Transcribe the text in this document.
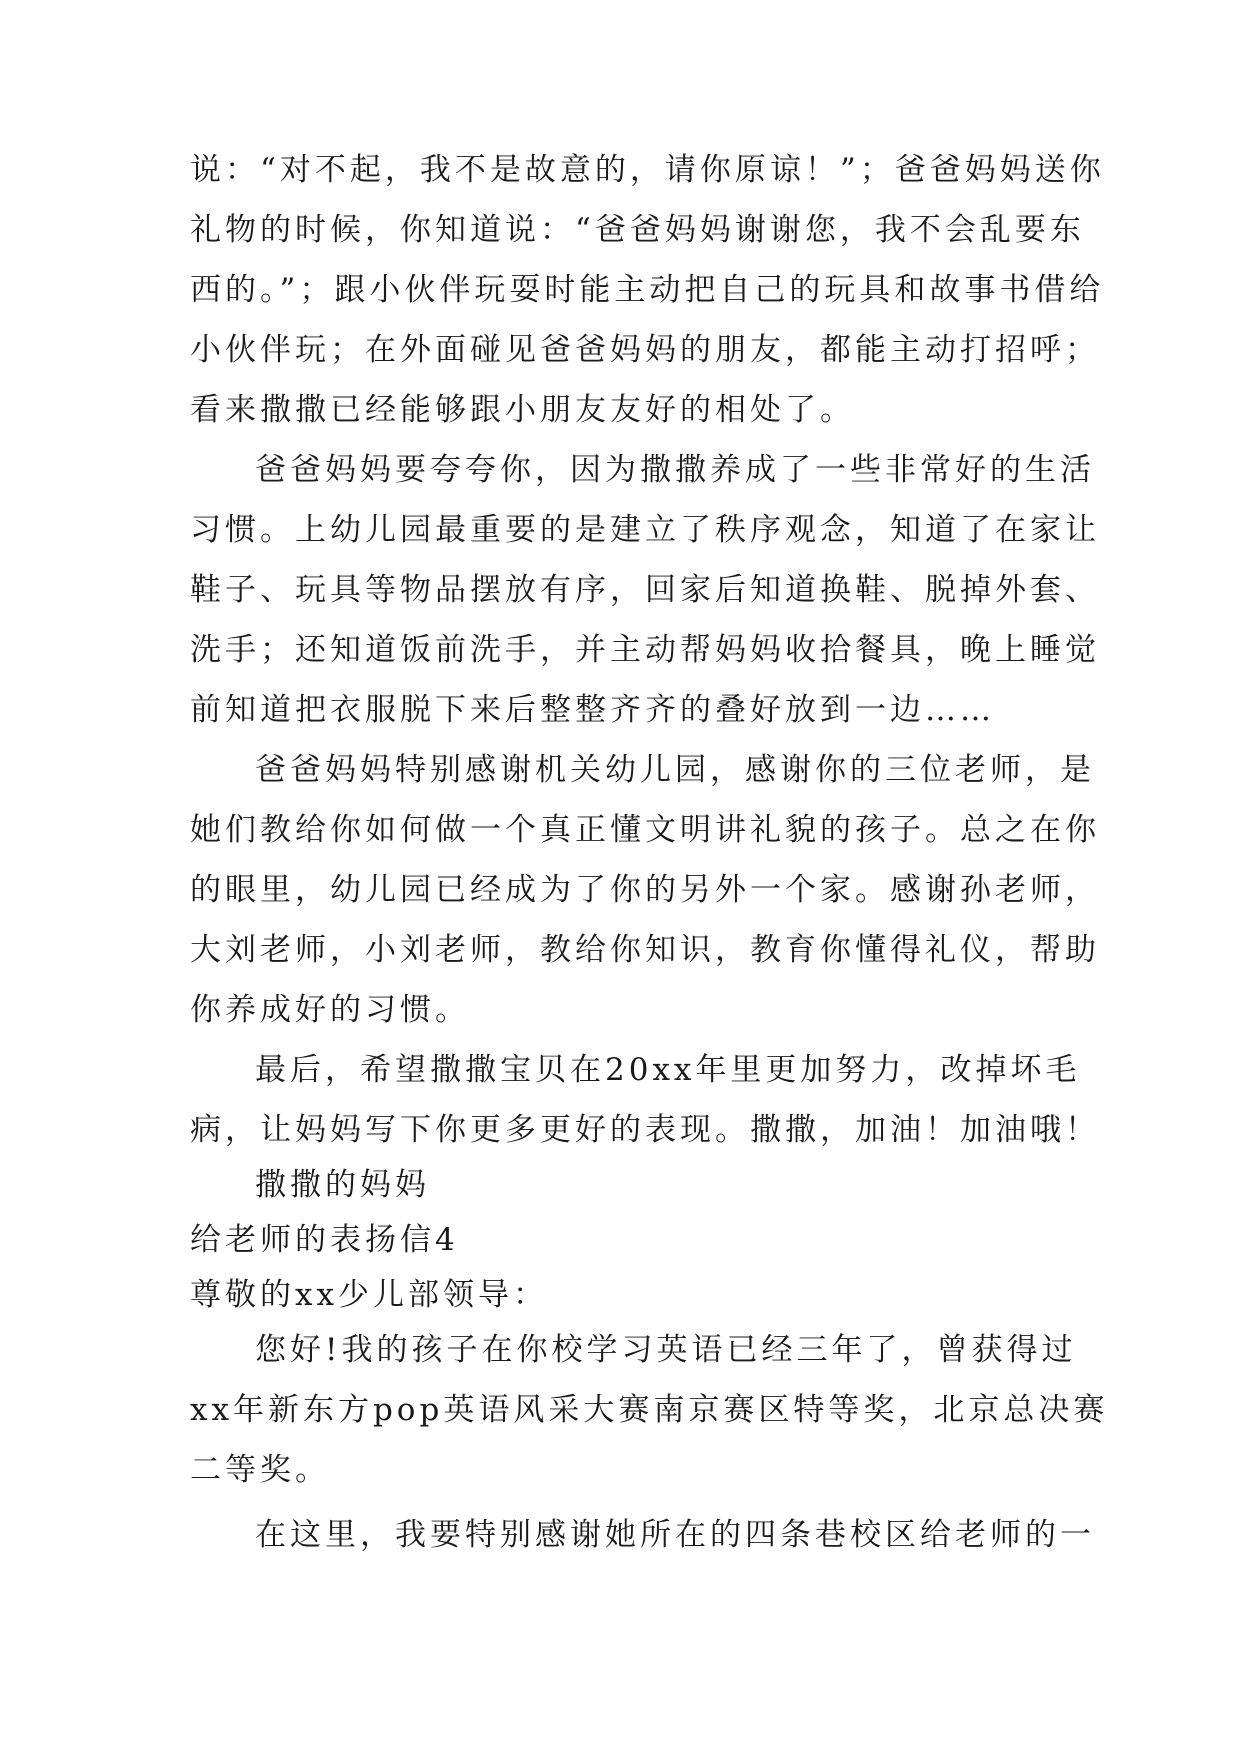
说：“对不起，我不是故意的，请你原谅！”；爸爸妈妈送你
礼物的时候，你知道说：“爸爸妈妈谢谢您，我不会乱要东
西的。”；跟小伙伴玩耍时能主动把自己的玩具和故事书借给
小伙伴玩；在外面碰见爸爸妈妈的朋友，都能主动打招呼；
看来撒撒已经能够跟小朋友友好的相处了。
爸爸妈妈要夸夸你，因为撒撒养成了一些非常好的生活
习惯。上幼儿园最重要的是建立了秩序观念，知道了在家让
鞋子、玩具等物品摆放有序，回家后知道换鞋、脱掉外套、
洗手；还知道饭前洗手，并主动帮妈妈收拾餐具，晚上睡觉
前知道把衣服脱下来后整整齐齐的叠好放到一边……
爸爸妈妈特别感谢机关幼儿园，感谢你的三位老师，是
她们教给你如何做一个真正懂文明讲礼貌的孩子。总之在你
的眼里，幼儿园已经成为了你的另外一个家。感谢孙老师，
大刘老师，小刘老师，教给你知识，教育你懂得礼仪，帮助
你养成好的习惯。
最后，希望撒撒宝贝在20xx年里更加努力，改掉坏毛
病，让妈妈写下你更多更好的表现。撒撒，加油！加油哦！
撒撒的妈妈
给老师的表扬信4
尊敬的xx少儿部领导：
您好!我的孩子在你校学习英语已经三年了，曾获得过
xx年新东方pop英语风采大赛南京赛区特等奖，北京总决赛
二等奖。
在这里，我要特别感谢她所在的四条巷校区给老师的一
